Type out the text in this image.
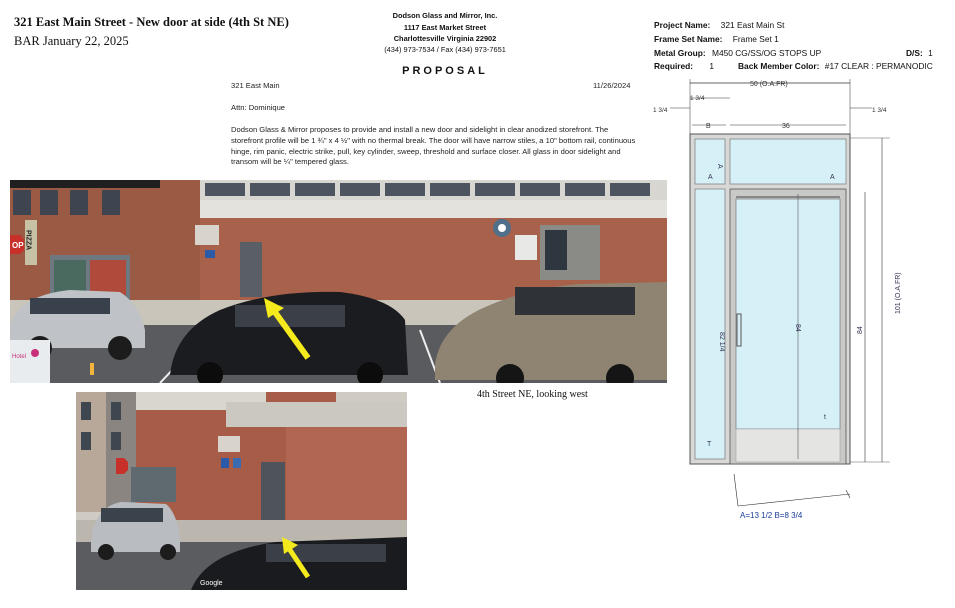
321 East Main Street - New door at side (4th St NE)
BAR January 22, 2025
Dodson Glass and Mirror, Inc.
1117 East Market Street
Charlottesville Virginia 22902
(434) 973-7534 / Fax (434) 973-7651
PROPOSAL
321 East Main	11/26/2024
Attn: Dominique
Dodson Glass & Mirror proposes to provide and install a new door and sidelight in clear anodized storefront. The storefront profile will be 1 ¾" x 4 ½" with no thermal break. The door will have narrow stiles, a 10" bottom rail, continuous hinge, rim panic, electric strike, pull, key cylinder, sweep, threshold and surface closer. All glass in door sidelight and transom will be ¼" tempered glass.
OP PIZZA
Hotel
4th Street NE, looking west
Google
Project Name: 321 East Main St
Frame Set Name: Frame Set 1
Metal Group: M450 CG/SS/OG STOPS UP	D/S: 1
Required: 1	Back Member Color: #17 CLEAR : PERMANODIC
50 (O.A.FR)
1 3/4
1 3/4	1 3/4
B	36
A	A
A
T
82 1/4
t
84	84
101 (O.A.FR)
A=13 1/2 B=8 3/4
